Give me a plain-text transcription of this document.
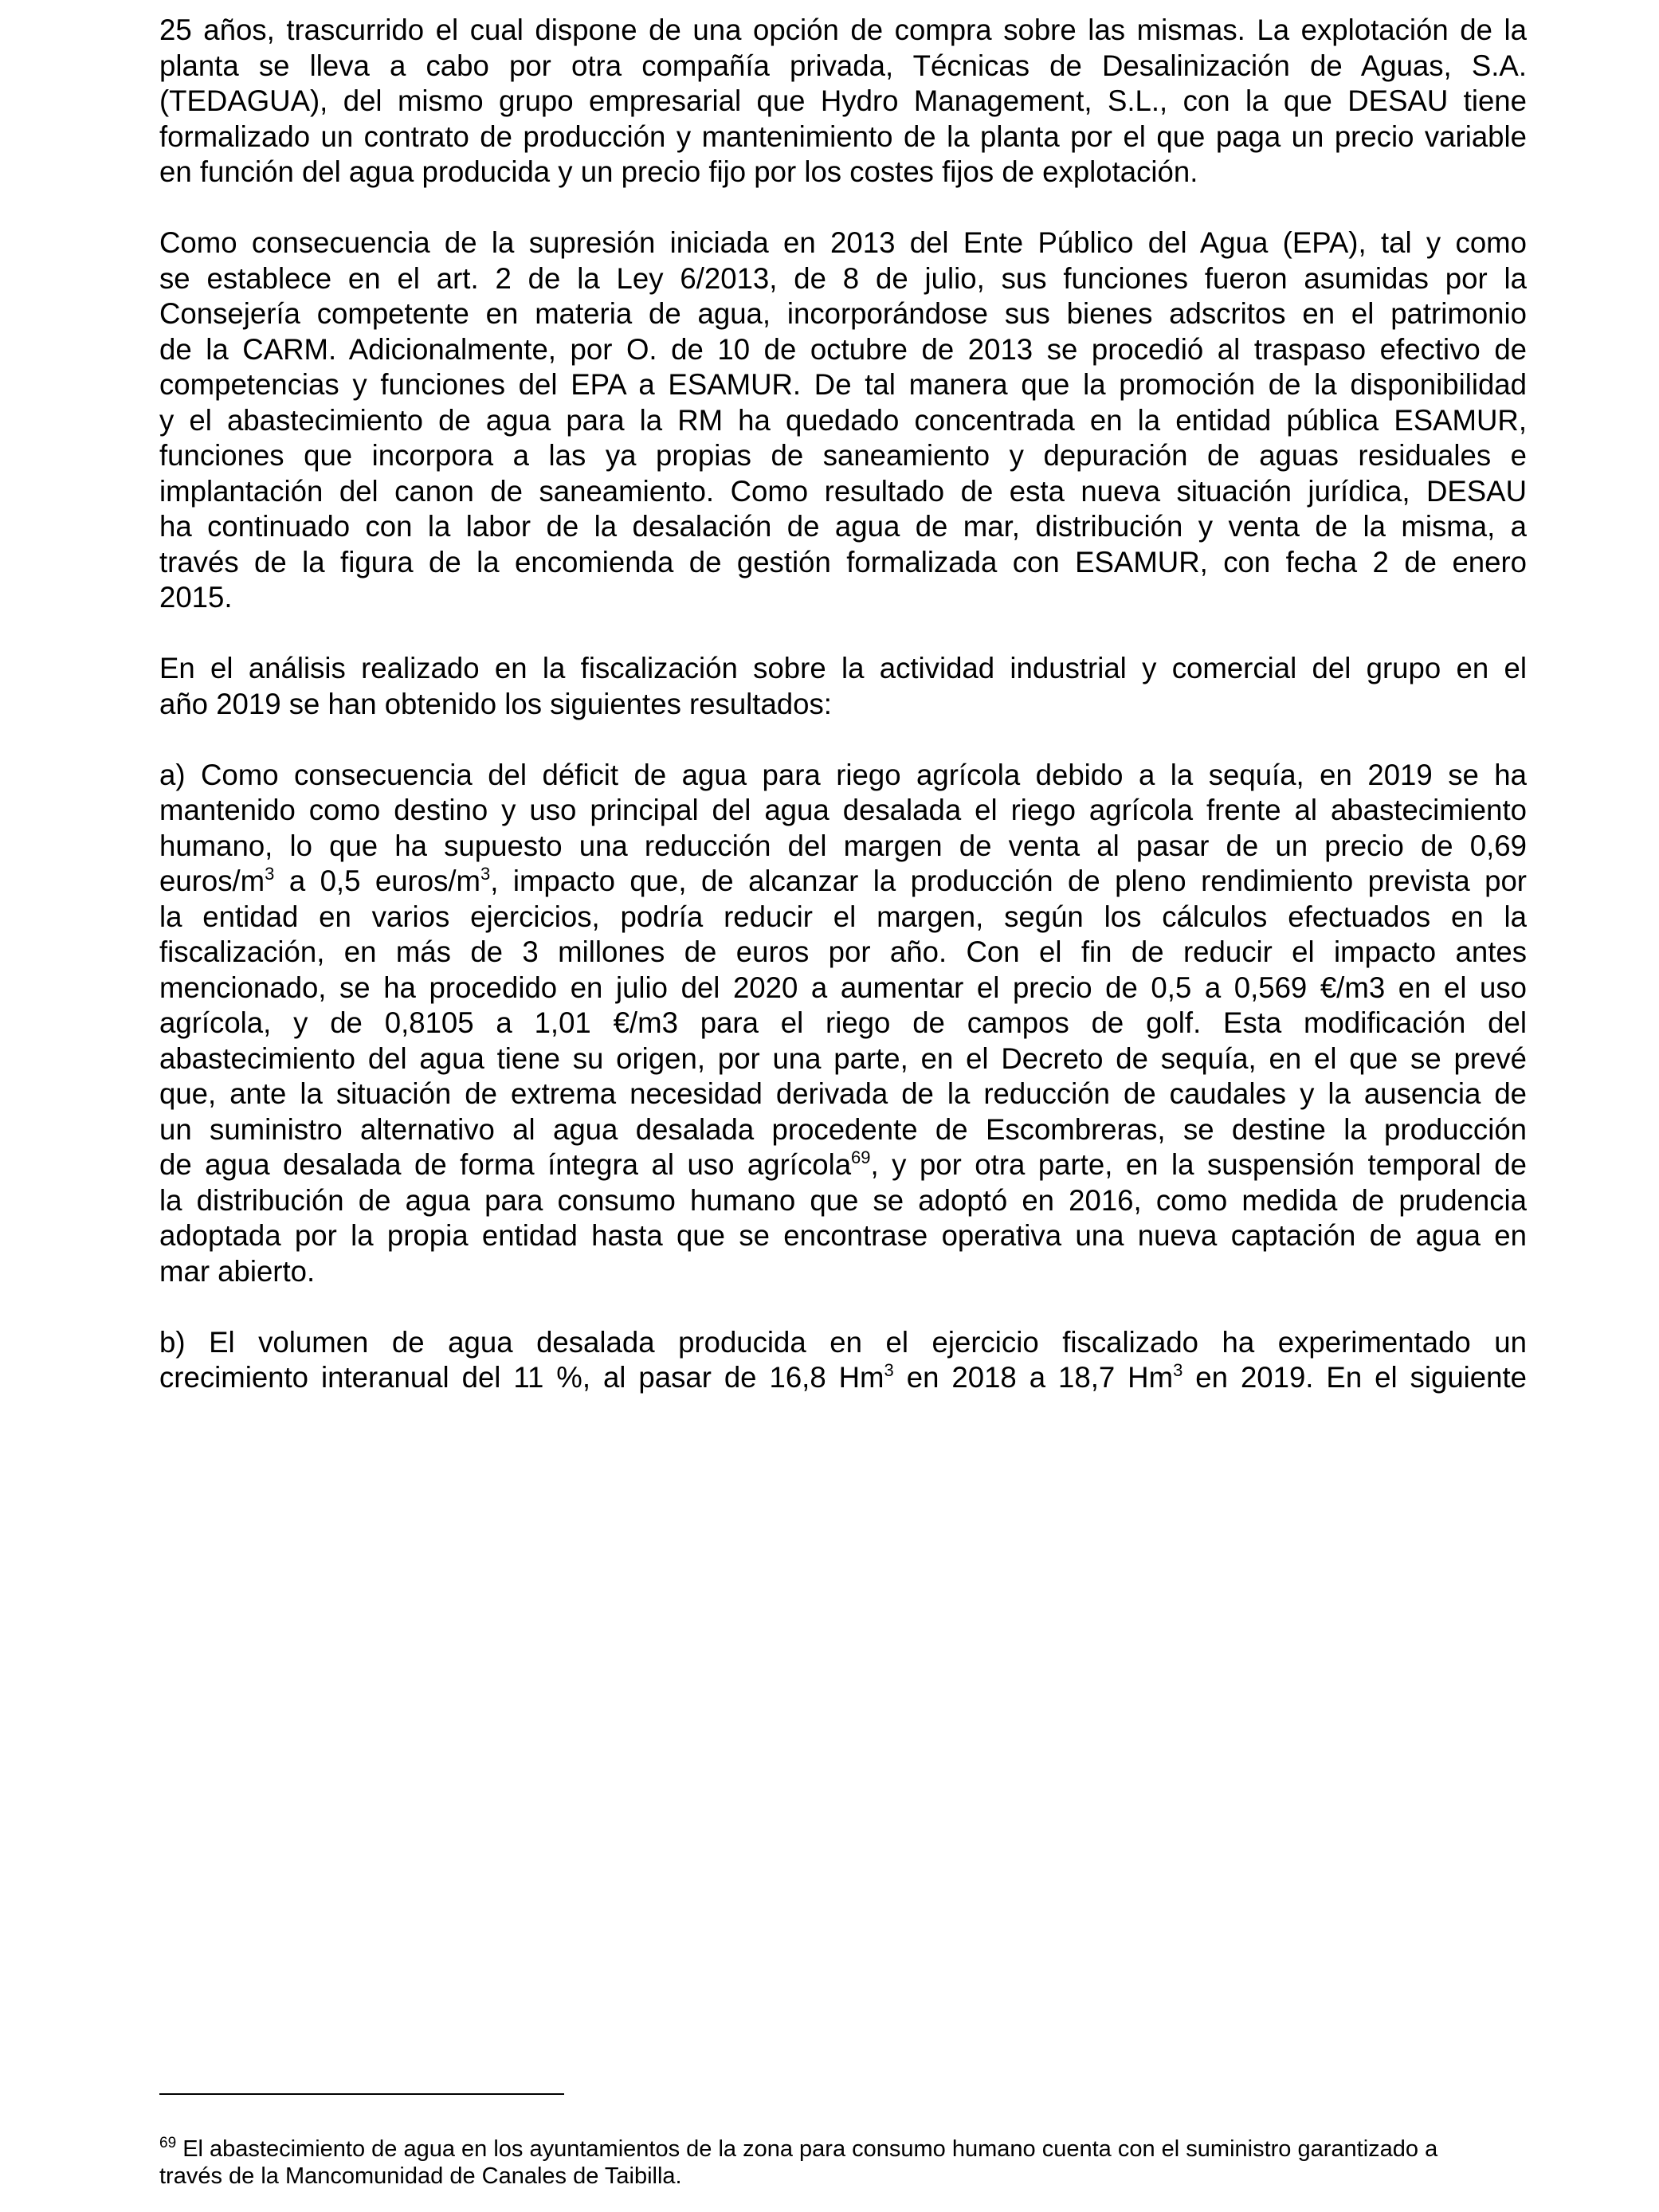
25 años, trascurrido el cual dispone de una opción de compra sobre las mismas. La explotación de la
planta se lleva a cabo por otra compañía privada, Técnicas de Desalinización de Aguas, S.A.
(TEDAGUA), del mismo grupo empresarial que Hydro Management, S.L., con la que DESAU tiene
formalizado un contrato de producción y mantenimiento de la planta por el que paga un precio variable
en función del agua producida y un precio fijo por los costes fijos de explotación.
Como consecuencia de la supresión iniciada en 2013 del Ente Público del Agua (EPA), tal y como
se establece en el art. 2 de la Ley 6/2013, de 8 de julio, sus funciones fueron asumidas por la
Consejería competente en materia de agua, incorporándose sus bienes adscritos en el patrimonio
de la CARM. Adicionalmente, por O. de 10 de octubre de 2013 se procedió al traspaso efectivo de
competencias y funciones del EPA a ESAMUR. De tal manera que la promoción de la disponibilidad
y el abastecimiento de agua para la RM ha quedado concentrada en la entidad pública ESAMUR,
funciones que incorpora a las ya propias de saneamiento y depuración de aguas residuales e
implantación del canon de saneamiento. Como resultado de esta nueva situación jurídica, DESAU
ha continuado con la labor de la desalación de agua de mar, distribución y venta de la misma, a
través de la figura de la encomienda de gestión formalizada con ESAMUR, con fecha 2 de enero
2015.
En el análisis realizado en la fiscalización sobre la actividad industrial y comercial del grupo en el
año 2019 se han obtenido los siguientes resultados:
a) Como consecuencia del déficit de agua para riego agrícola debido a la sequía, en 2019 se ha
mantenido como destino y uso principal del agua desalada el riego agrícola frente al abastecimiento
humano, lo que ha supuesto una reducción del margen de venta al pasar de un precio de 0,69
euros/$m^3$ a 0,5 euros/$m^3$, impacto que, de alcanzar la producción de pleno rendimiento prevista por
la entidad en varios ejercicios, podría reducir el margen, según los cálculos efectuados en la
fiscalización, en más de 3 millones de euros por año. Con el fin de reducir el impacto antes
mencionado, se ha procedido en julio del 2020 a aumentar el precio de 0,5 a 0,569 €/m3 en el uso
agrícola, y de 0,8105 a 1,01 €/m3 para el riego de campos de golf. Esta modificación del
abastecimiento del agua tiene su origen, por una parte, en el Decreto de sequía, en el que se prevé
que, ante la situación de extrema necesidad derivada de la reducción de caudales y la ausencia de
un suministro alternativo al agua desalada procedente de Escombreras, se destine la producción
de agua desalada de forma íntegra al uso agrícola$^{69}$, y por otra parte, en la suspensión temporal de
la distribución de agua para consumo humano que se adoptó en 2016, como medida de prudencia
adoptada por la propia entidad hasta que se encontrase operativa una nueva captación de agua en
mar abierto.
b) El volumen de agua desalada producida en el ejercicio fiscalizado ha experimentado un
crecimiento interanual del 11 %, al pasar de 16,8 Hm$^3$ en 2018 a 18,7 Hm$^3$ en 2019. En el siguiente
$^{69}$ El abastecimiento de agua en los ayuntamientos de la zona para consumo humano cuenta con el suministro garantizado a
través de la Mancomunidad de Canales de Taibilla.
